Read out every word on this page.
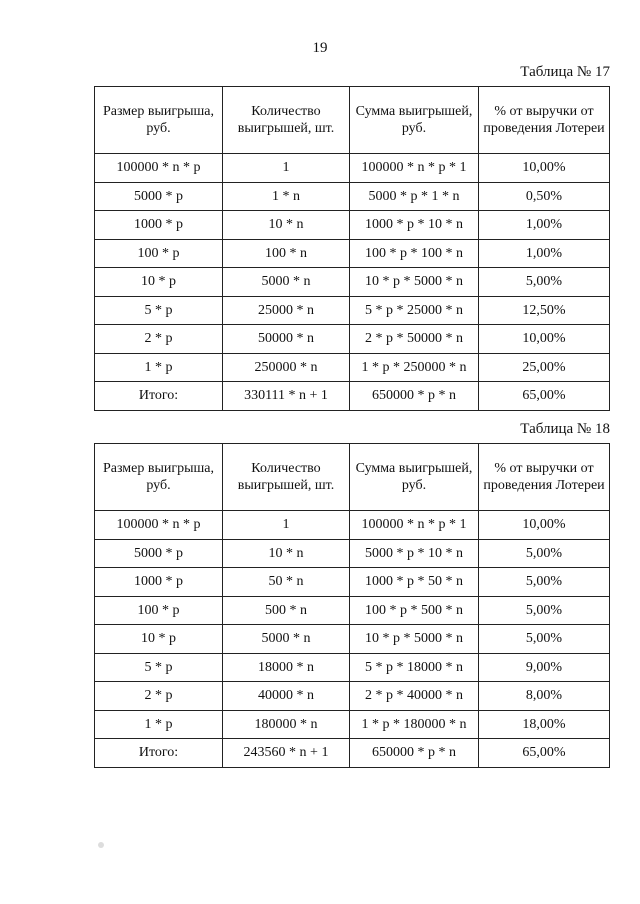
19
Таблица № 17
Размер выигрыша, руб.	Количество выигрышей, шт.	Сумма выигрышей, руб.	% от выручки от проведения Лотереи
100000 * n * p	1	100000 * n * p * 1	10,00%
5000 * p	1 * n	5000 * p * 1 * n	0,50%
1000 * p	10 * n	1000 * p * 10 * n	1,00%
100 * p	100 * n	100 * p * 100 * n	1,00%
10 * p	5000 * n	10 * p * 5000 * n	5,00%
5 * p	25000 * n	5 * p * 25000 * n	12,50%
2 * p	50000 * n	2 * p * 50000 * n	10,00%
1 * p	250000 * n	1 * p * 250000 * n	25,00%
Итого:	330111 * n + 1	650000 * p * n	65,00%
Таблица № 18
Размер выигрыша, руб.	Количество выигрышей, шт.	Сумма выигрышей, руб.	% от выручки от проведения Лотереи
100000 * n * p	1	100000 * n * p * 1	10,00%
5000 * p	10 * n	5000 * p * 10 * n	5,00%
1000 * p	50 * n	1000 * p * 50 * n	5,00%
100 * p	500 * n	100 * p * 500 * n	5,00%
10 * p	5000 * n	10 * p * 5000 * n	5,00%
5 * p	18000 * n	5 * p * 18000 * n	9,00%
2 * p	40000 * n	2 * p * 40000 * n	8,00%
1 * p	180000 * n	1 * p * 180000 * n	18,00%
Итого:	243560 * n + 1	650000 * p * n	65,00%
